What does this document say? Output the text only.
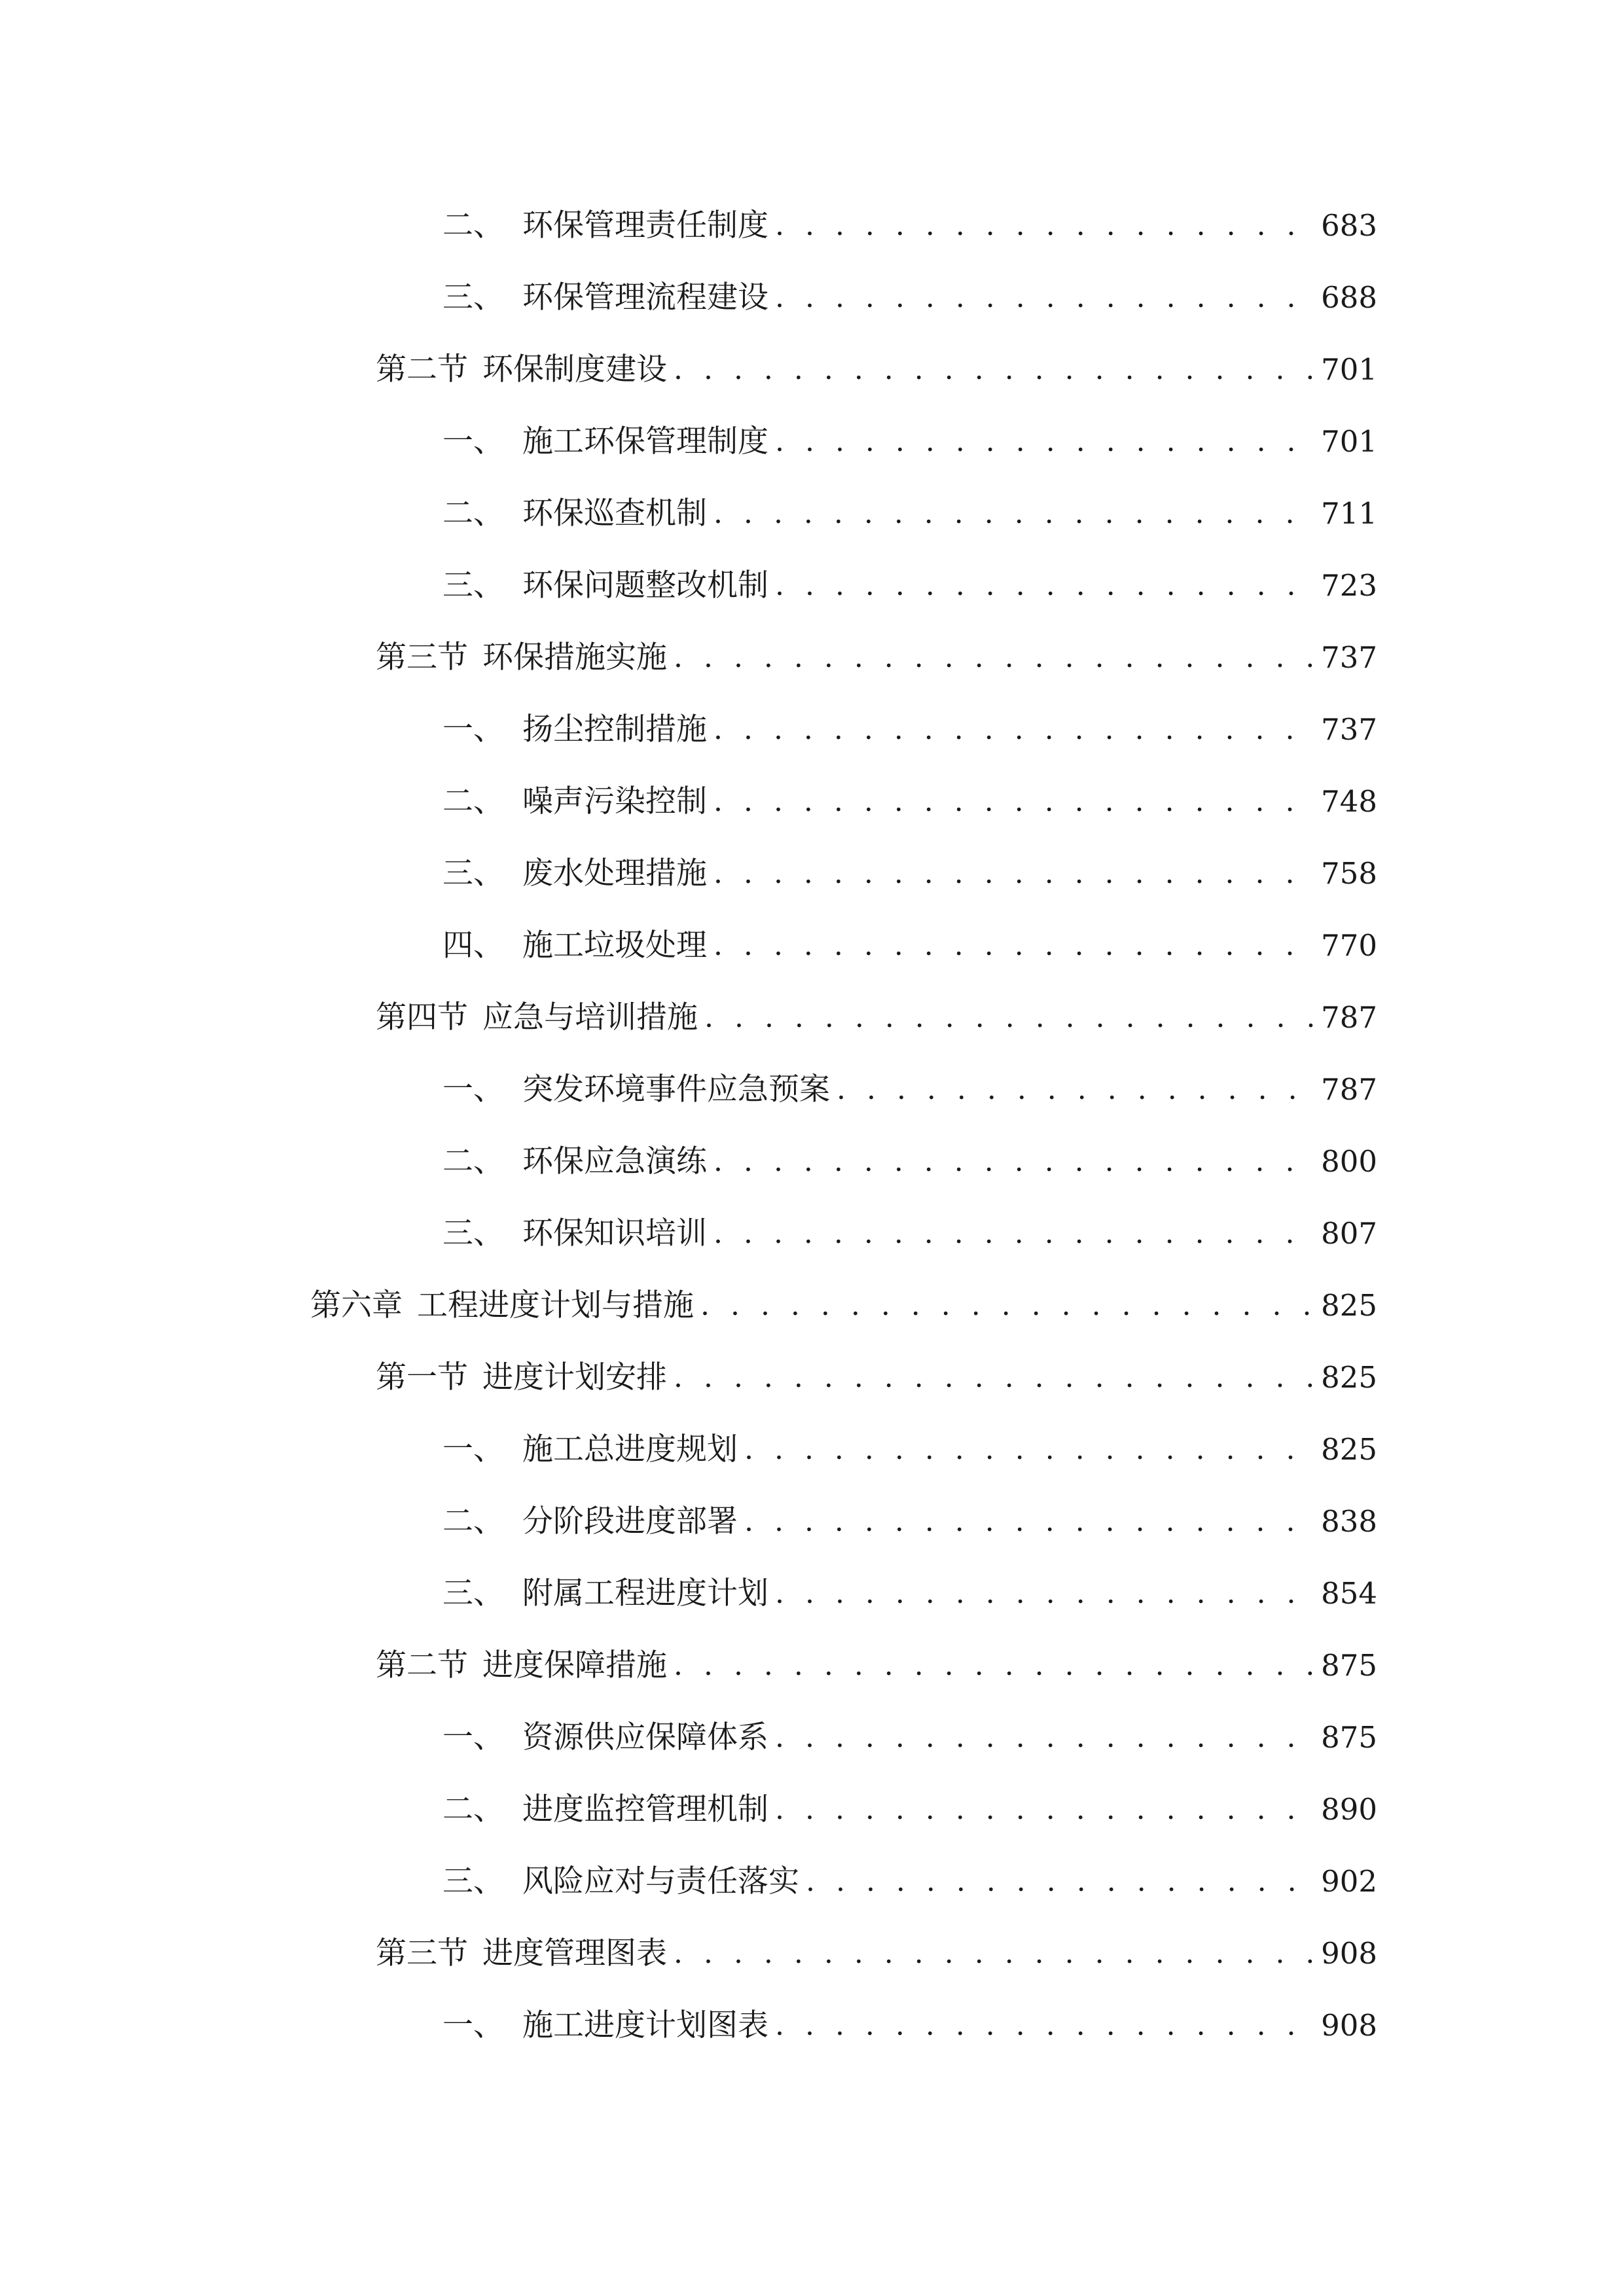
二、 环保管理责任制度 . . .	683
三、 环保管理流程建设 . . .	688
第二节 环保制度建设 . . .	701
一、 施工环保管理制度 . . .	701
二、 环保巡查机制 . . .	711
三、 环保问题整改机制 . . .	723
第三节 环保措施实施 . . .	737
一、 扬尘控制措施 . . .	737
二、 噪声污染控制 . . .	748
三、 废水处理措施 . . .	758
四、 施工垃圾处理 . . .	770
第四节 应急与培训措施 . . .	787
一、 突发环境事件应急预案 . . .	787
二、 环保应急演练 . . .	800
三、 环保知识培训 . . .	807
第六章 工程进度计划与措施 . . .	825
第一节 进度计划安排 . . .	825
一、 施工总进度规划 . . .	825
二、 分阶段进度部署 . . .	838
三、 附属工程进度计划 . . .	854
第二节 进度保障措施 . . .	875
一、 资源供应保障体系 . . .	875
二、 进度监控管理机制 . . .	890
三、 风险应对与责任落实 . . .	902
第三节 进度管理图表 . . .	908
一、 施工进度计划图表 . . .	908
